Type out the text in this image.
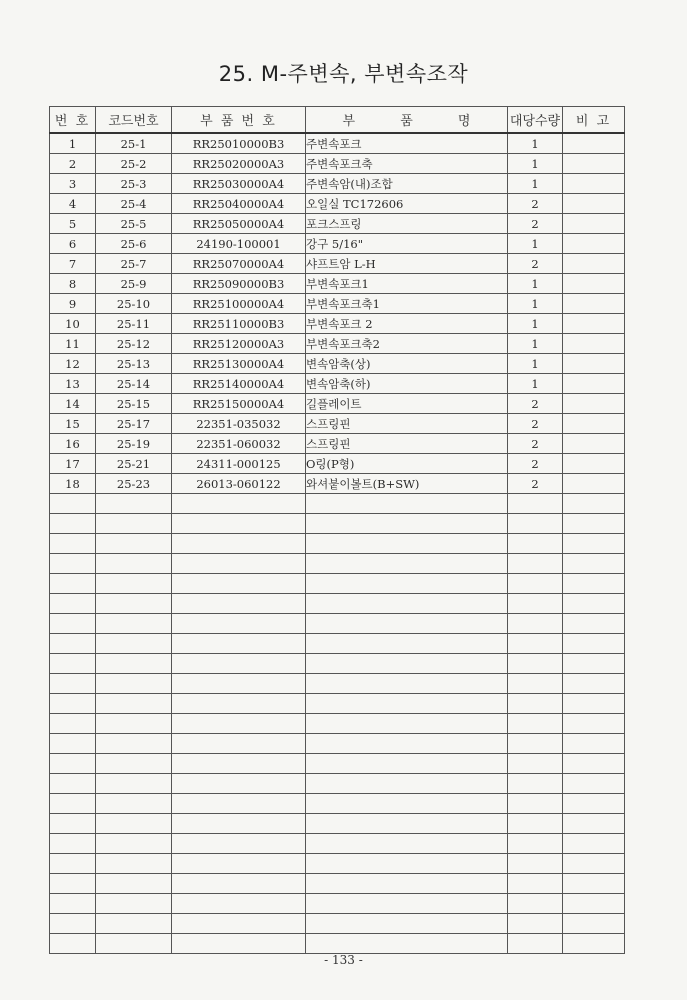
25. M-주변속, 부변속조작
번 호	코드번호	부 품 번 호	부 품 명	대당수량	비 고
1	25-1	RR25010000B3	주변속포크	1	
2	25-2	RR25020000A3	주변속포크축	1	
3	25-3	RR25030000A4	주변속암(내)조합	1	
4	25-4	RR25040000A4	오일실 TC172606	2	
5	25-5	RR25050000A4	포크스프링	2	
6	25-6	24190-100001	강구 5/16"	1	
7	25-7	RR25070000A4	샤프트암 L-H	2	
8	25-9	RR25090000B3	부변속포크1	1	
9	25-10	RR25100000A4	부변속포크축1	1	
10	25-11	RR25110000B3	부변속포크 2	1	
11	25-12	RR25120000A3	부변속포크축2	1	
12	25-13	RR25130000A4	변속암축(상)	1	
13	25-14	RR25140000A4	변속암축(하)	1	
14	25-15	RR25150000A4	길플레이트	2	
15	25-17	22351-035032	스프링핀	2	
16	25-19	22351-060032	스프링핀	2	
17	25-21	24311-000125	O링(P형)	2	
18	25-23	26013-060122	와셔붙이볼트(B+SW)	2	

- 133 -
